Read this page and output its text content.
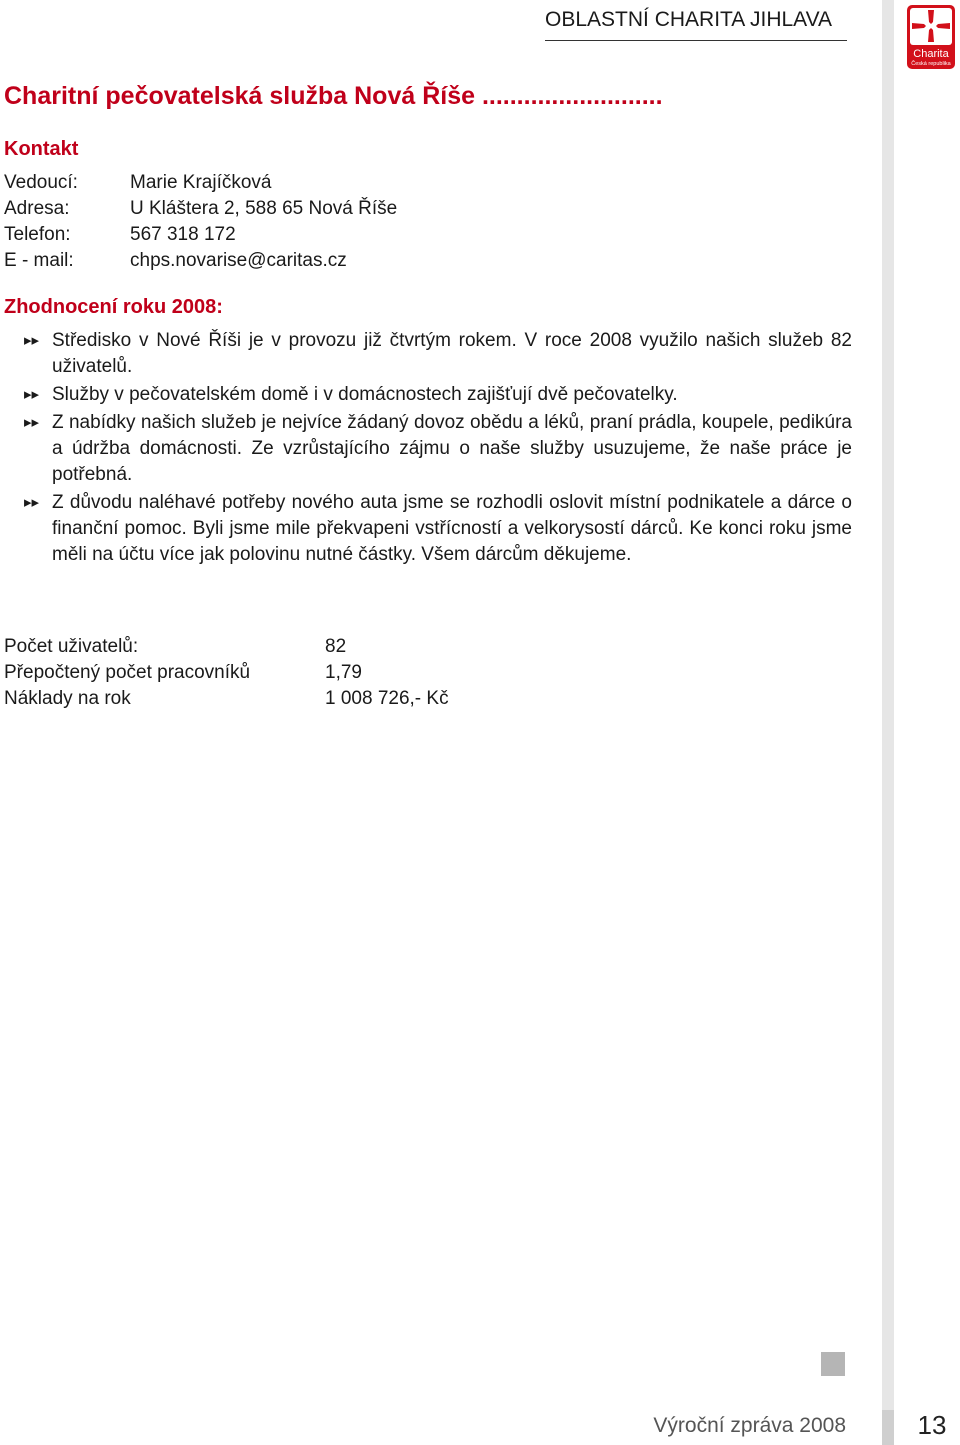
Charita
Česká republika
OBLASTNÍ CHARITA JIHLAVA
Charitní pečovatelská služba Nová Říše ..........................
Kontakt
Vedoucí:	Marie Krajíčková
Adresa:	U Kláštera 2, 588 65 Nová Říše
Telefon:	567 318 172
E - mail:	chps.novarise@caritas.cz
Zhodnocení roku 2008:
▸▸ Středisko v Nové Říši je v provozu již čtvrtým rokem. V roce 2008 využilo našich služeb 82 uživatelů.
▸▸ Služby v pečovatelském domě i v domácnostech zajišťují dvě pečovatelky.
▸▸ Z nabídky našich služeb je nejvíce žádaný dovoz obědu a léků, praní prádla, koupele, pedikúra a údržba domácnosti. Ze vzrůstajícího zájmu o naše služby usuzujeme, že naše práce je potřebná.
▸▸ Z důvodu naléhavé potřeby nového auta jsme se rozhodli oslovit místní podnikatele a dárce o finanční pomoc. Byli jsme mile překvapeni vstřícností a velkorysostí dárců. Ke konci roku jsme měli na účtu více jak polovinu nutné částky. Všem dárcům děkujeme.
Počet uživatelů:	82
Přepočtený počet pracovníků	1,79
Náklady na rok	1 008 726,- Kč
Výroční zpráva 2008	13
